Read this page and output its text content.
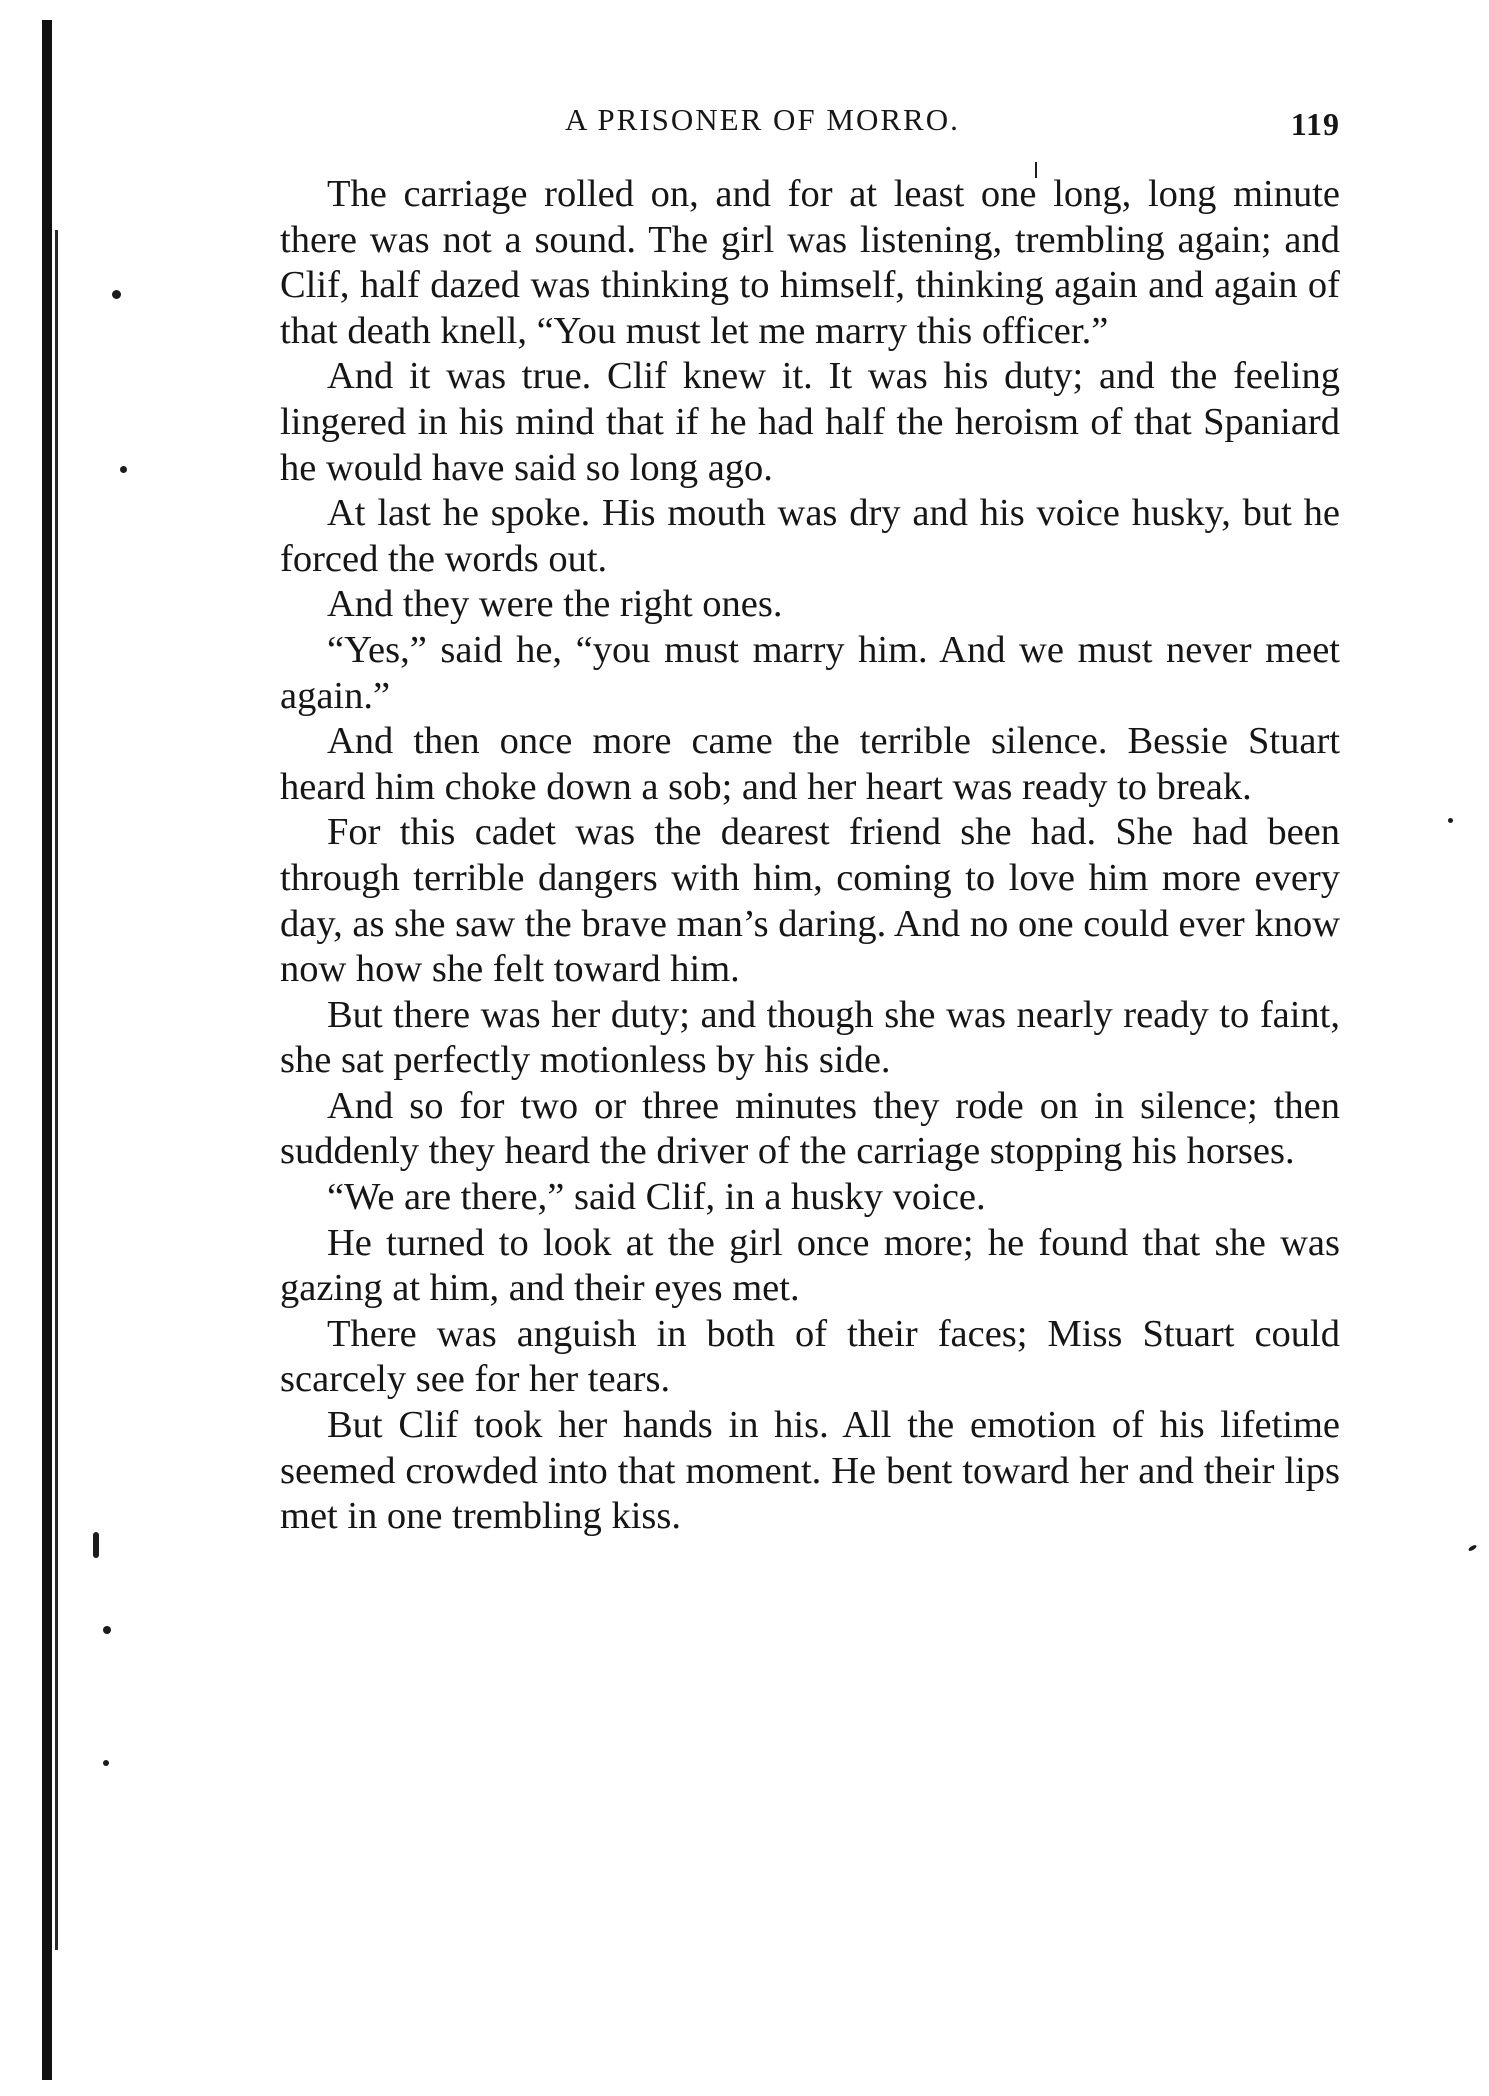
A PRISONER OF MORRO.	119

The carriage rolled on, and for at least one long, long minute there was not a sound. The girl was listening, trembling again; and Clif, half dazed was thinking to himself, thinking again and again of that death knell, “You must let me marry this officer.”

And it was true. Clif knew it. It was his duty; and the feeling lingered in his mind that if he had half the heroism of that Spaniard he would have said so long ago.

At last he spoke. His mouth was dry and his voice husky, but he forced the words out.

And they were the right ones.

“Yes,” said he, “you must marry him. And we must never meet again.”

And then once more came the terrible silence. Bessie Stuart heard him choke down a sob; and her heart was ready to break.

For this cadet was the dearest friend she had. She had been through terrible dangers with him, coming to love him more every day, as she saw the brave man’s daring. And no one could ever know now how she felt toward him.

But there was her duty; and though she was nearly ready to faint, she sat perfectly motionless by his side.

And so for two or three minutes they rode on in silence; then suddenly they heard the driver of the carriage stopping his horses.

“We are there,” said Clif, in a husky voice.

He turned to look at the girl once more; he found that she was gazing at him, and their eyes met.

There was anguish in both of their faces; Miss Stuart could scarcely see for her tears.

But Clif took her hands in his. All the emotion of his lifetime seemed crowded into that moment. He bent toward her and their lips met in one trembling kiss.
